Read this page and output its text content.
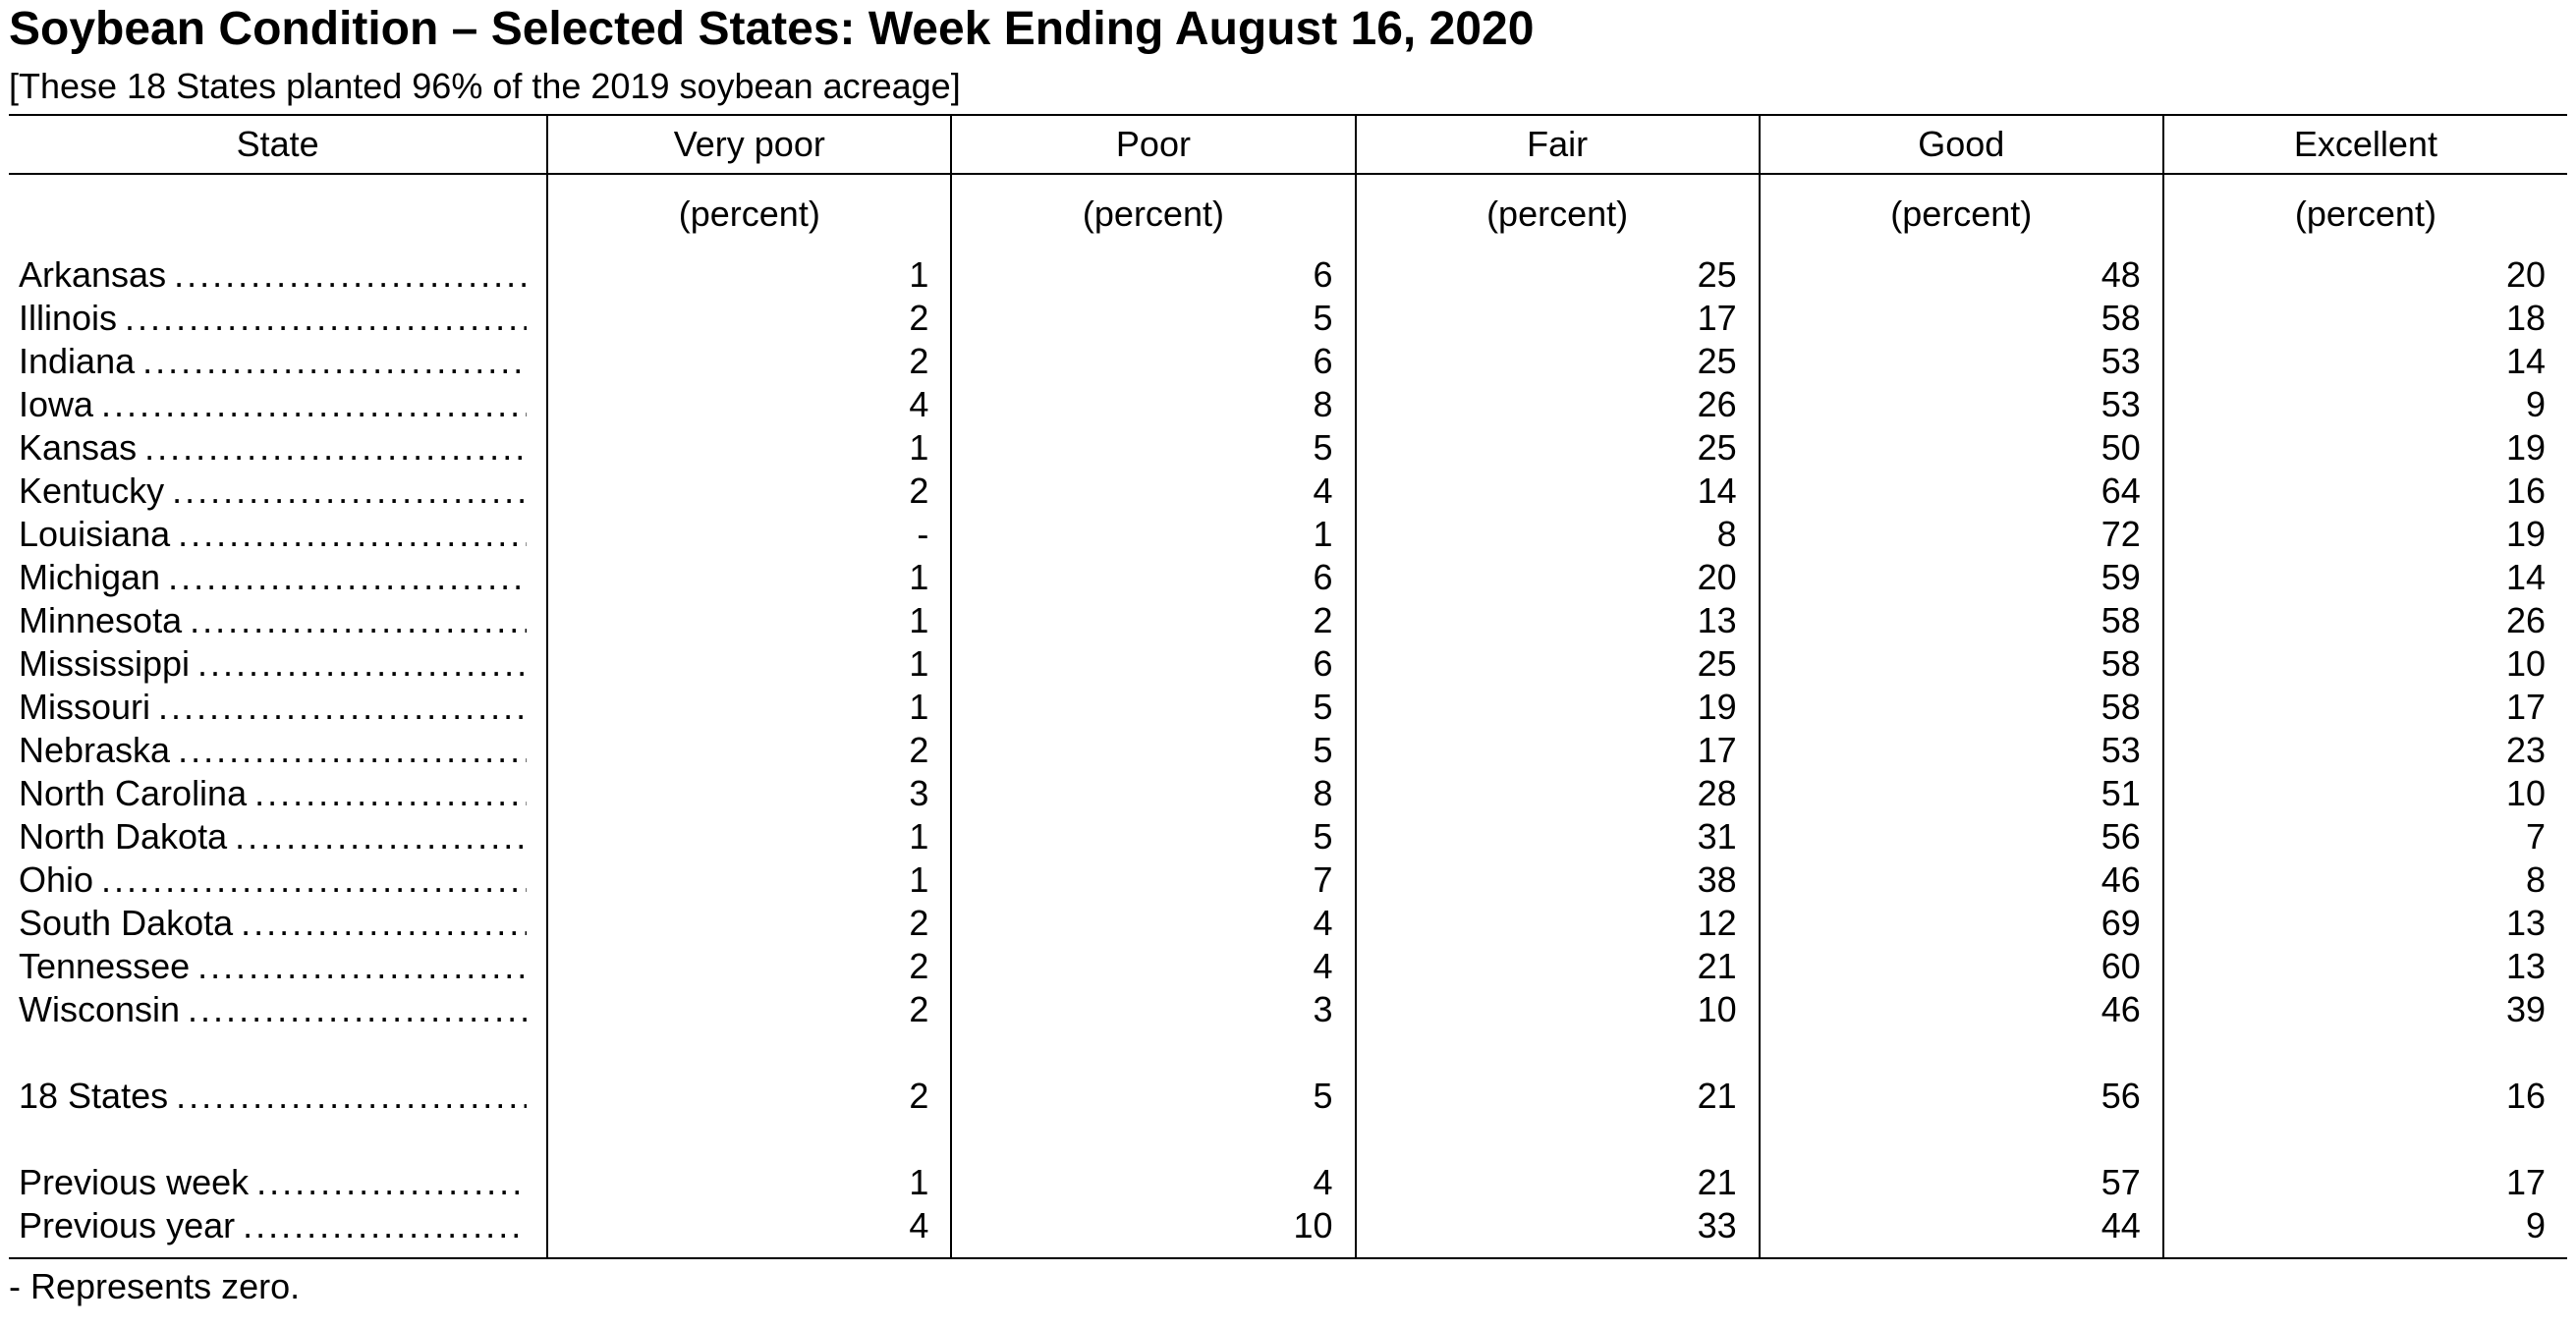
Soybean Condition – Selected States: Week Ending August 16, 2020
[These 18 States planted 96% of the 2019 soybean acreage]
State	Very poor	Poor	Fair	Good	Excellent
	(percent)	(percent)	(percent)	(percent)	(percent)

Arkansas
. . .	1	6	25	48	20

Illinois
. . .	2	5	17	58	18

Indiana
. . .	2	6	25	53	14

Iowa
. . .	4	8	26	53	9

Kansas
. . .	1	5	25	50	19

Kentucky
. . .	2	4	14	64	16

Louisiana
. . .	-	1	8	72	19

Michigan
. . .	1	6	20	59	14

Minnesota
. . .	1	2	13	58	26

Mississippi
. . .	1	6	25	58	10

Missouri
. . .	1	5	19	58	17

Nebraska
. . .	2	5	17	53	23

North Carolina
. . .	3	8	28	51	10

North Dakota
. . .	1	5	31	56	7

Ohio
. . .	1	7	38	46	8

South Dakota
. . .	2	4	12	69	13

Tennessee
. . .	2	4	21	60	13

Wisconsin
. . .	2	3	10	46	39

18 States
. . .	2	5	21	56	16

Previous week
. . .	1	4	21	57	17

Previous year
. . .	4	10	33	44	9

- Represents zero.
